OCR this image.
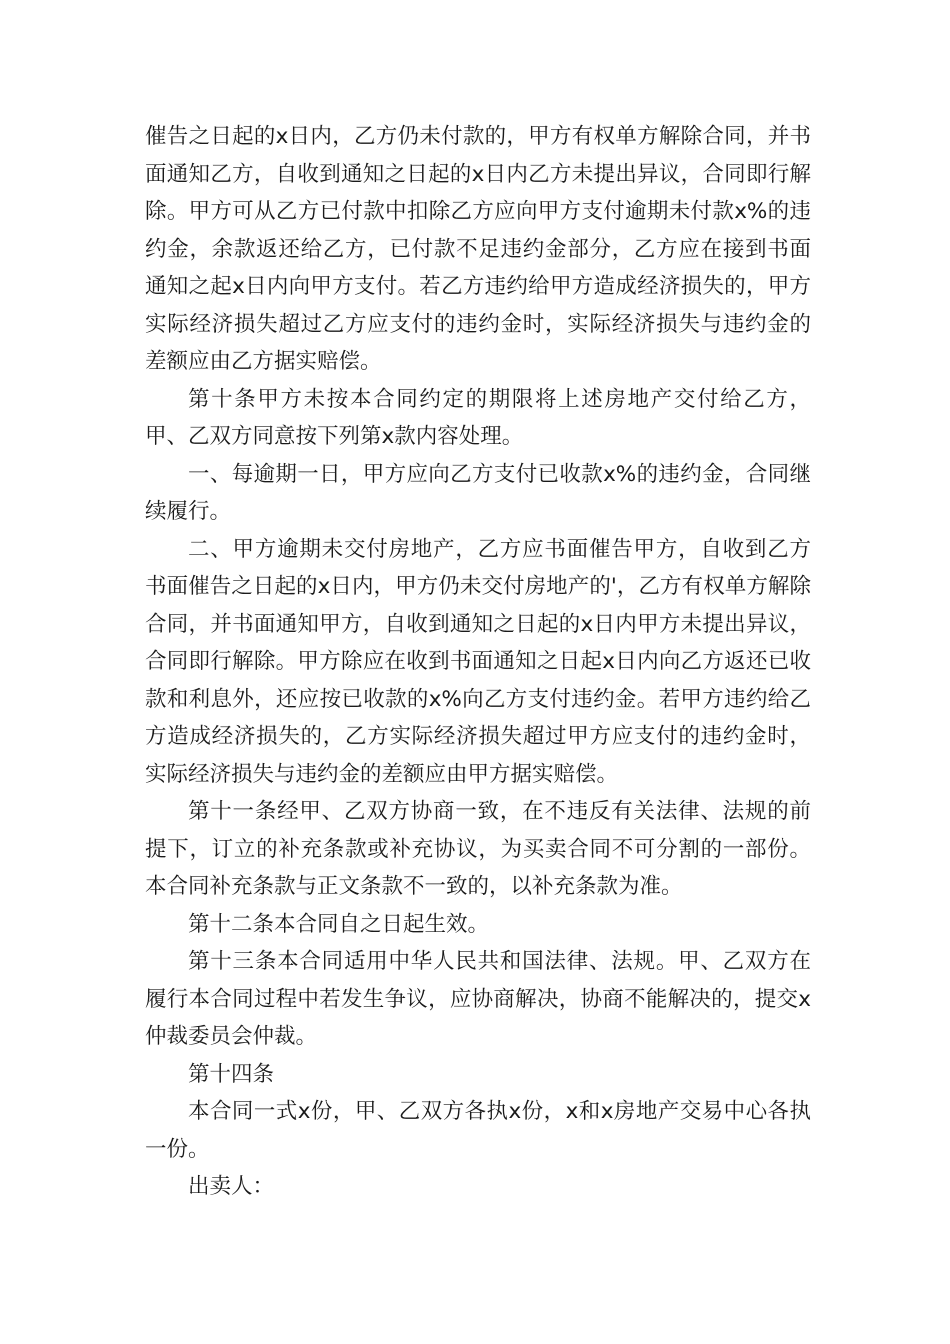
催告之日起的x日内，乙方仍未付款的，甲方有权单方解除合同，并书面通知乙方，自收到通知之日起的x日内乙方未提出异议，合同即行解除。甲方可从乙方已付款中扣除乙方应向甲方支付逾期未付款x%的违约金，余款返还给乙方，已付款不足违约金部分，乙方应在接到书面通知之起x日内向甲方支付。若乙方违约给甲方造成经济损失的，甲方实际经济损失超过乙方应支付的违约金时，实际经济损失与违约金的差额应由乙方据实赔偿。

第十条甲方未按本合同约定的期限将上述房地产交付给乙方，甲、乙双方同意按下列第x款内容处理。

一、每逾期一日，甲方应向乙方支付已收款x%的违约金，合同继续履行。

二、甲方逾期未交付房地产，乙方应书面催告甲方，自收到乙方书面催告之日起的x日内，甲方仍未交付房地产的'，乙方有权单方解除合同，并书面通知甲方，自收到通知之日起的x日内甲方未提出异议，合同即行解除。甲方除应在收到书面通知之日起x日内向乙方返还已收款和利息外，还应按已收款的x%向乙方支付违约金。若甲方违约给乙方造成经济损失的，乙方实际经济损失超过甲方应支付的违约金时，实际经济损失与违约金的差额应由甲方据实赔偿。

第十一条经甲、乙双方协商一致，在不违反有关法律、法规的前提下，订立的补充条款或补充协议，为买卖合同不可分割的一部份。本合同补充条款与正文条款不一致的，以补充条款为准。

第十二条本合同自之日起生效。

第十三条本合同适用中华人民共和国法律、法规。甲、乙双方在履行本合同过程中若发生争议，应协商解决，协商不能解决的，提交x仲裁委员会仲裁。

第十四条

本合同一式x份，甲、乙双方各执x份，x和x房地产交易中心各执一份。

出卖人：
